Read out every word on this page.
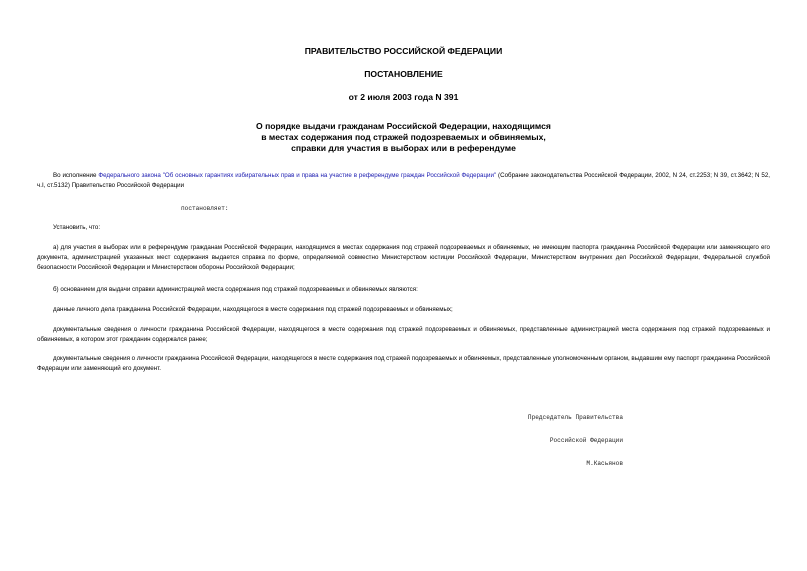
ПРАВИТЕЛЬСТВО РОССИЙСКОЙ ФЕДЕРАЦИИ
ПОСТАНОВЛЕНИЕ
от 2 июля 2003 года N 391
О порядке выдачи гражданам Российской Федерации, находящимся
в местах содержания под стражей подозреваемых и обвиняемых,
справки для участия в выборах или в референдуме
Во исполнение Федерального закона "Об основных гарантиях избирательных прав и права на участие в референдуме граждан Российской Федерации" (Собрание законодательства Российской Федерации, 2002, N 24, ст.2253; N 39, ст.3642; N 52, ч.I, ст.5132) Правительство Российской Федерации
постановляет:
Установить, что:
а) для участия в выборах или в референдуме гражданам Российской Федерации, находящимся в местах содержания под стражей подозреваемых и обвиняемых, не имеющим паспорта гражданина Российской Федерации или заменяющего его документа, администрацией указанных мест содержания выдается справка по форме, определяемой совместно Министерством юстиции Российской Федерации, Министерством внутренних дел Российской Федерации, Федеральной службой безопасности Российской Федерации и Министерством обороны Российской Федерации;
б) основанием для выдачи справки администрацией места содержания под стражей подозреваемых и обвиняемых являются:
данные личного дела гражданина Российской Федерации, находящегося в месте содержания под стражей подозреваемых и обвиняемых;
документальные сведения о личности гражданина Российской Федерации, находящегося в месте содержания под стражей подозреваемых и обвиняемых, представленные администрацией места содержания под стражей подозреваемых и обвиняемых, в котором этот гражданин содержался ранее;
документальные сведения о личности гражданина Российской Федерации, находящегося в месте содержания под стражей подозреваемых и обвиняемых, представленные уполномоченным органом, выдавшим ему паспорт гражданина Российской Федерации или заменяющий его документ.

Председатель Правительства

Российской Федерации

М.Касьянов
